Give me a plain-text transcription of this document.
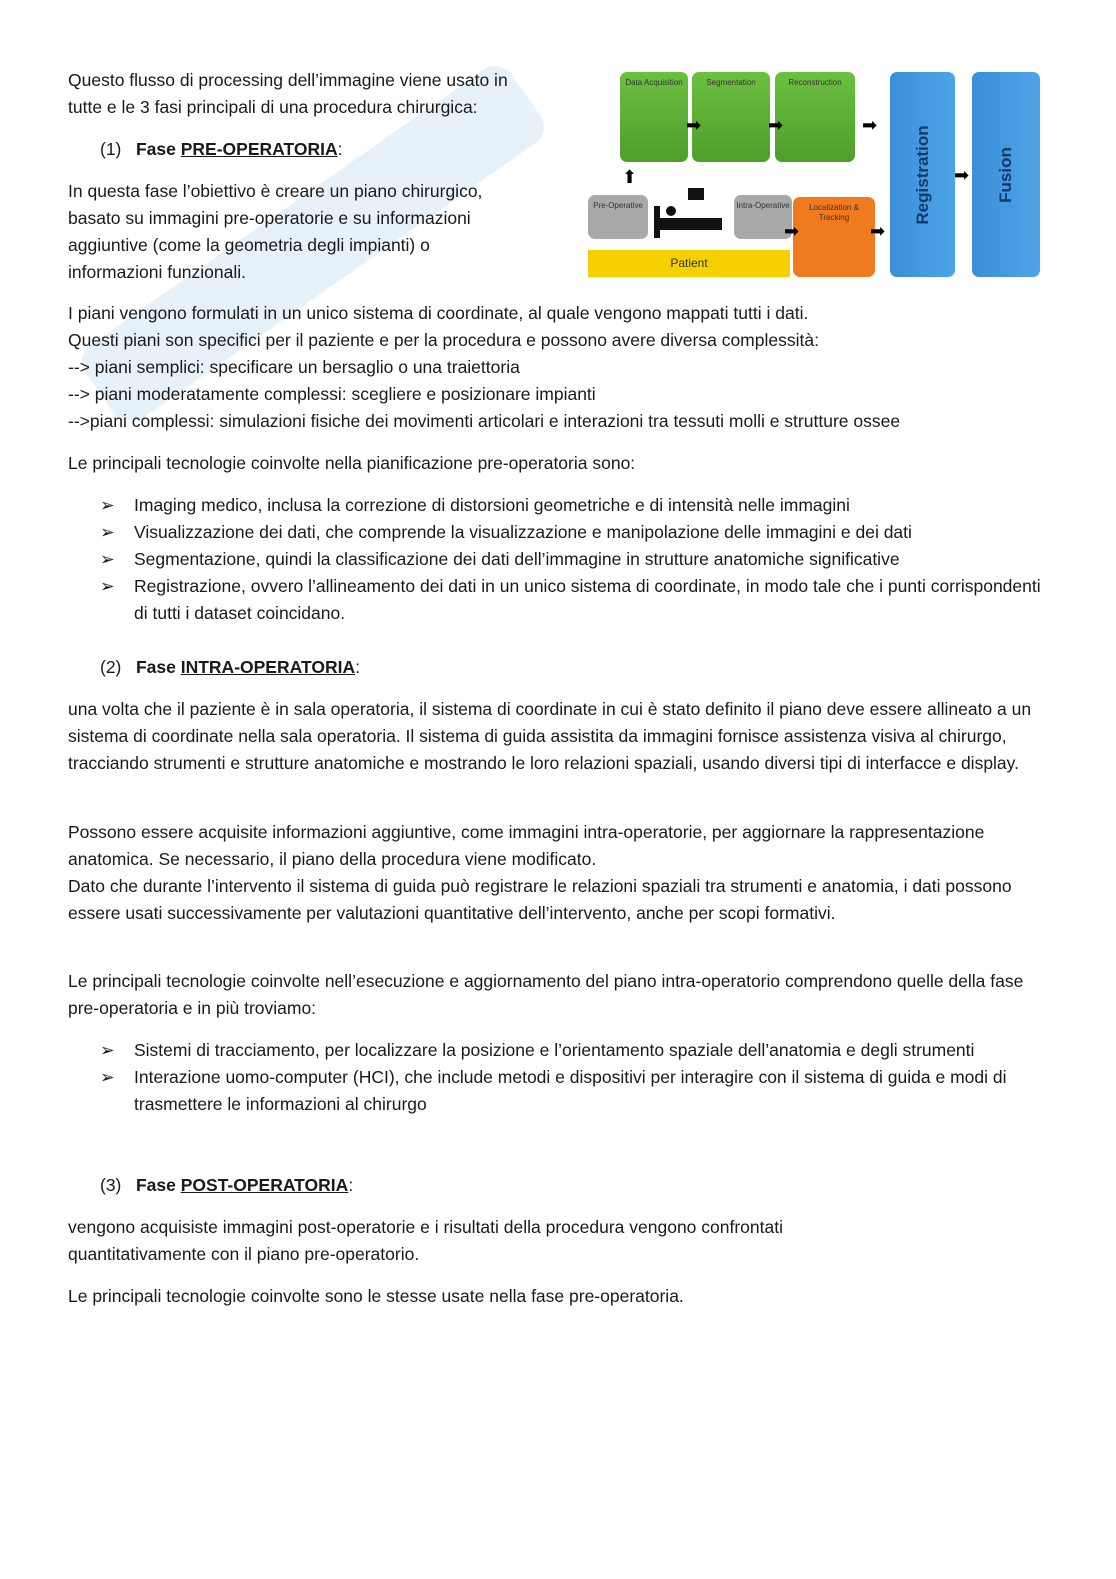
Questo flusso di processing dell’immagine viene usato in

tutte e le 3 fasi principali di una procedura chirurgica:

Data Acquisition	Segmentation	Reconstruction
Registration	Fusion
Pre-Operative	Intra-Operative	Localization & Tracking
Patient
➡	➡	➡
➡
➡	➡
⬆
(1) Fase PRE-OPERATORIA:

In questa fase l’obiettivo è creare un piano chirurgico,

basato su immagini pre-operatorie e su informazioni

aggiuntive (come la geometria degli impianti) o

informazioni funzionali.

I piani vengono formulati in un unico sistema di coordinate, al quale vengono mappati tutti i dati.

Questi piani son specifici per il paziente e per la procedura e possono avere diversa complessità:

--> piani semplici: specificare un bersaglio o una traiettoria

--> piani moderatamente complessi: scegliere e posizionare impianti

-->piani complessi: simulazioni fisiche dei movimenti articolari e interazioni tra tessuti molli e strutture ossee

Le principali tecnologie coinvolte nella pianificazione pre-operatoria sono:
➢ Imaging medico, inclusa la correzione di distorsioni geometriche e di intensità nelle immagini
➢ Visualizzazione dei dati, che comprende la visualizzazione e manipolazione delle immagini e dei dati
➢ Segmentazione, quindi la classificazione dei dati dell’immagine in strutture anatomiche significative
➢ Registrazione, ovvero l’allineamento dei dati in un unico sistema di coordinate, in modo tale che i punti corrispondenti di tutti i dataset coincidano.
(2) Fase INTRA-OPERATORIA:
una volta che il paziente è in sala operatoria, il sistema di coordinate in cui è stato definito il piano deve essere allineato a un sistema di coordinate nella sala operatoria. Il sistema di guida assistita da immagini fornisce assistenza visiva al chirurgo, tracciando strumenti e strutture anatomiche e mostrando le loro relazioni spaziali, usando diversi tipi di interfacce e display.

Possono essere acquisite informazioni aggiuntive, come immagini intra-operatorie, per aggiornare la rappresentazione anatomica. Se necessario, il piano della procedura viene modificato.

Dato che durante l’intervento il sistema di guida può registrare le relazioni spaziali tra strumenti e anatomia, i dati possono essere usati successivamente per valutazioni quantitative dell’intervento, anche per scopi formativi.

Le principali tecnologie coinvolte nell’esecuzione e aggiornamento del piano intra-operatorio comprendono quelle della fase pre-operatoria e in più troviamo:
➢ Sistemi di tracciamento, per localizzare la posizione e l’orientamento spaziale dell’anatomia e degli strumenti
➢ Interazione uomo-computer (HCI), che include metodi e dispositivi per interagire con il sistema di guida e modi di trasmettere le informazioni al chirurgo
(3) Fase POST-OPERATORIA:
vengono acquisiste immagini post-operatorie e i risultati della procedura vengono confrontati quantitativamente con il piano pre-operatorio.
Le principali tecnologie coinvolte sono le stesse usate nella fase pre-operatoria.
